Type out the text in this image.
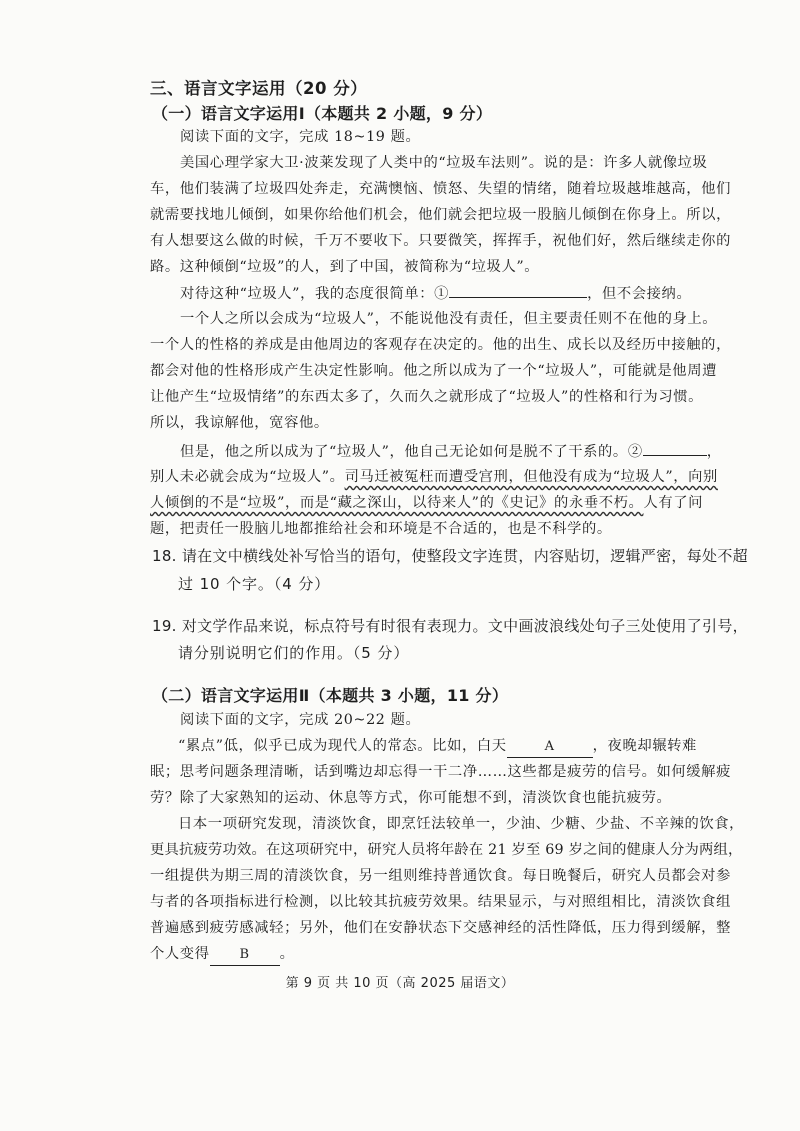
三、语言文字运用（20 分）
（一）语言文字运用Ⅰ（本题共 2 小题，9 分）
阅读下面的文字，完成 18~19 题。
美国心理学家大卫·波莱发现了人类中的“垃圾车法则”。说的是：许多人就像垃圾
车，他们装满了垃圾四处奔走，充满懊恼、愤怒、失望的情绪，随着垃圾越堆越高，他们
就需要找地儿倾倒，如果你给他们机会，他们就会把垃圾一股脑儿倾倒在你身上。所以，
有人想要这么做的时候，千万不要收下。只要微笑，挥挥手，祝他们好，然后继续走你的
路。这种倾倒“垃圾”的人，到了中国，被简称为“垃圾人”。
对待这种“垃圾人”，我的态度很简单：①	，但不会接纳。
一个人之所以会成为“垃圾人”，不能说他没有责任，但主要责任则不在他的身上。
一个人的性格的养成是由他周边的客观存在决定的。他的出生、成长以及经历中接触的，
都会对他的性格形成产生决定性影响。他之所以成为了一个“垃圾人”，可能就是他周遭
让他产生“垃圾情绪”的东西太多了，久而久之就形成了“垃圾人”的性格和行为习惯。
所以，我谅解他，宽容他。
但是，他之所以成为了“垃圾人”，他自己无论如何是脱不了干系的。②	，
别人未必就会成为“垃圾人”。司马迁被冤枉而遭受宫刑，但他没有成为“垃圾人”，向别
人倾倒的不是“垃圾”，而是“藏之深山，以待来人”的《史记》的永垂不朽。人有了问
题，把责任一股脑儿地都推给社会和环境是不合适的，也是不科学的。
18. 请在文中横线处补写恰当的语句，使整段文字连贯，内容贴切，逻辑严密，每处不超
过 10 个字。（4 分）
19. 对文学作品来说，标点符号有时很有表现力。文中画波浪线处句子三处使用了引号，
请分别说明它们的作用。（5 分）
（二）语言文字运用Ⅱ（本题共 3 小题，11 分）
阅读下面的文字，完成 20~22 题。
“累点”低，似乎已成为现代人的常态。比如，白天	A	，夜晚却辗转难
眠；思考问题条理清晰，话到嘴边却忘得一干二净……这些都是疲劳的信号。如何缓解疲
劳？除了大家熟知的运动、休息等方式，你可能想不到，清淡饮食也能抗疲劳。
日本一项研究发现，清淡饮食，即烹饪法较单一，少油、少糖、少盐、不辛辣的饮食，
更具抗疲劳功效。在这项研究中，研究人员将年龄在 21 岁至 69 岁之间的健康人分为两组，
一组提供为期三周的清淡饮食，另一组则维持普通饮食。每日晚餐后，研究人员都会对参
与者的各项指标进行检测，以比较其抗疲劳效果。结果显示，与对照组相比，清淡饮食组
普遍感到疲劳感减轻；另外，他们在安静状态下交感神经的活性降低，压力得到缓解，整
个人变得 B 。
第 9 页 共 10 页（高 2025 届语文）
